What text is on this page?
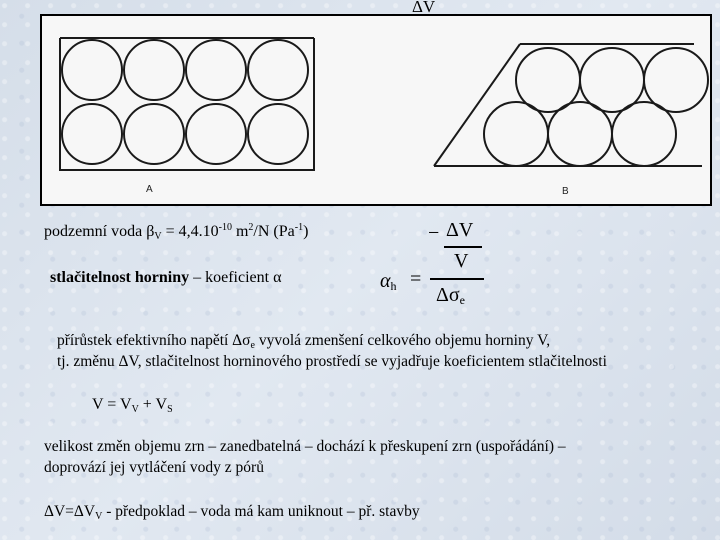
ΔV
A	B
podzemní voda $\beta_V = 4,4.10^{-10}$ $m^2/N$ $(Pa^{-1})$
stlačitelnost horniny – koeficient α
− ΔV
V
$\alpha_h$ =
$\Delta\sigma_e$
přírůstek efektivního napětí $\Delta\sigma_e$ vyvolá zmenšení celkového objemu horniny V,
tj. změnu ΔV, stlačitelnost horninového prostředí se vyjadřuje koeficientem stlačitelnosti
$V = V_V + V_S$
velikost změn objemu zrn – zanedbatelná – dochází k přeskupení zrn (uspořádání) –
doprovází jej vytláčení vody z pórů
$\Delta V=\Delta V_V$ - předpoklad – voda má kam uniknout – př. stavby
